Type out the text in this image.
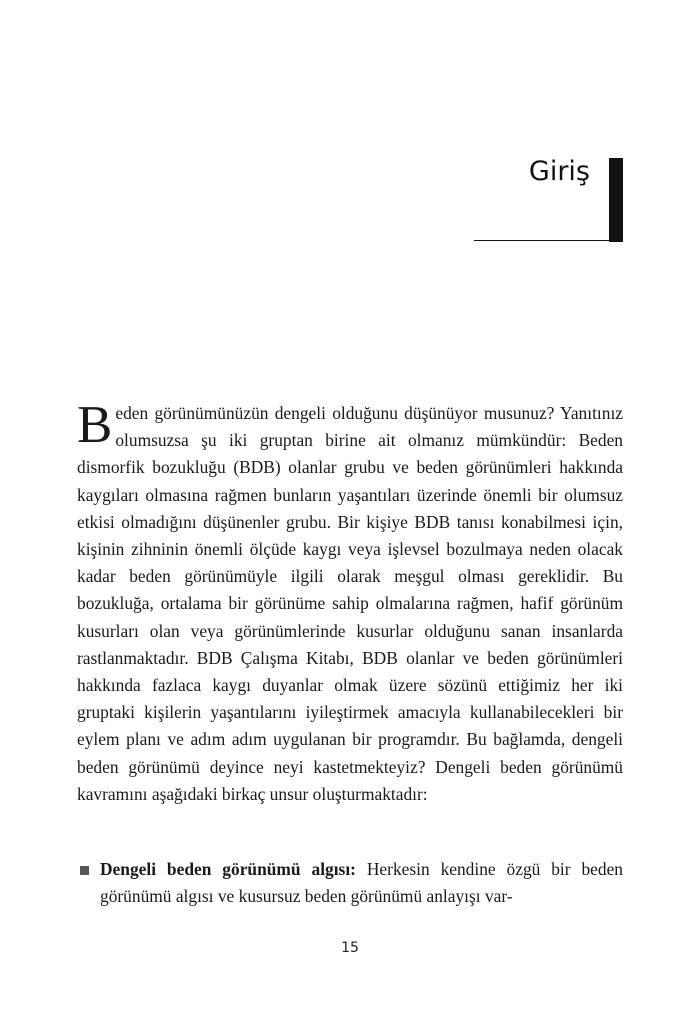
Giriş

Beden görünümünüzün dengeli olduğunu düşünüyor musunuz? Yanıtınız olumsuzsa şu iki gruptan birine ait olmanız mümkündür: Beden dismorfik bozukluğu (BDB) olanlar grubu ve beden görünümleri hakkında kaygıları olmasına rağmen bunların yaşantıları üzerinde önemli bir olumsuz etkisi olmadığını düşünenler grubu. Bir kişiye BDB tanısı konabilmesi için, kişinin zihninin önemli ölçüde kaygı veya işlevsel bozulmaya neden olacak kadar beden görünümüyle ilgili olarak meşgul olması gereklidir. Bu bozukluğa, ortalama bir görünüme sahip olmalarına rağmen, hafif görünüm kusurları olan veya görünümlerinde kusurlar olduğunu sanan insanlarda rastlanmaktadır. BDB Çalışma Kitabı, BDB olanlar ve beden görünümleri hakkında fazlaca kaygı duyanlar olmak üzere sözünü ettiğimiz her iki gruptaki kişilerin yaşantılarını iyileştirmek amacıyla kullanabilecekleri bir eylem planı ve adım adım uygulanan bir programdır. Bu bağlamda, dengeli beden görünümü deyince neyi kastetmekteyiz? Dengeli beden görünümü kavramını aşağıdaki birkaç unsur oluşturmaktadır:

Dengeli beden görünümü algısı: Herkesin kendine özgü bir beden görünümü algısı ve kusursuz beden görünümü anlayışı var-

15
